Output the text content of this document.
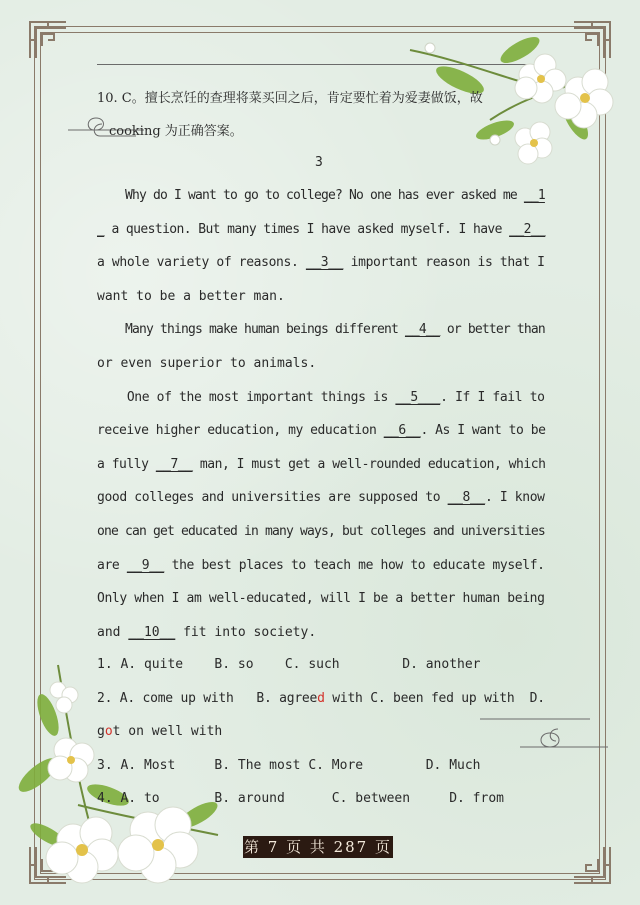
10. C。擅长烹饪的查理将菜买回之后，肯定要忙着为爱妻做饭，故
cooking 为正确答案。
3
Why do I want to go to college? No one has ever asked me __1
_ a question. But many times I have asked myself. I have __2__
a whole variety of reasons. __3__ important reason is that I
want to be a better man.
Many things make human beings different __4__ or better than
or even superior to animals.
One of the most important things is __5___. If I fail to
receive higher education, my education __6__. As I want to be
a fully __7__ man, I must get a well-rounded education, which
good colleges and universities are supposed to __8__. I know
one can get educated in many ways, but colleges and universities
are __9__ the best places to teach me how to educate myself.
Only when I am well-educated, will I be a better human being
and __10__ fit into society.
1. A. quite    B. so    C. such        D. another
2. A. come up with   B. agreed with C. been fed up with  D.
got on well with
3. A. Most     B. The most C. More        D. Much
4. A. to       B. around      C. between     D. from
第 7 页 共 287 页
